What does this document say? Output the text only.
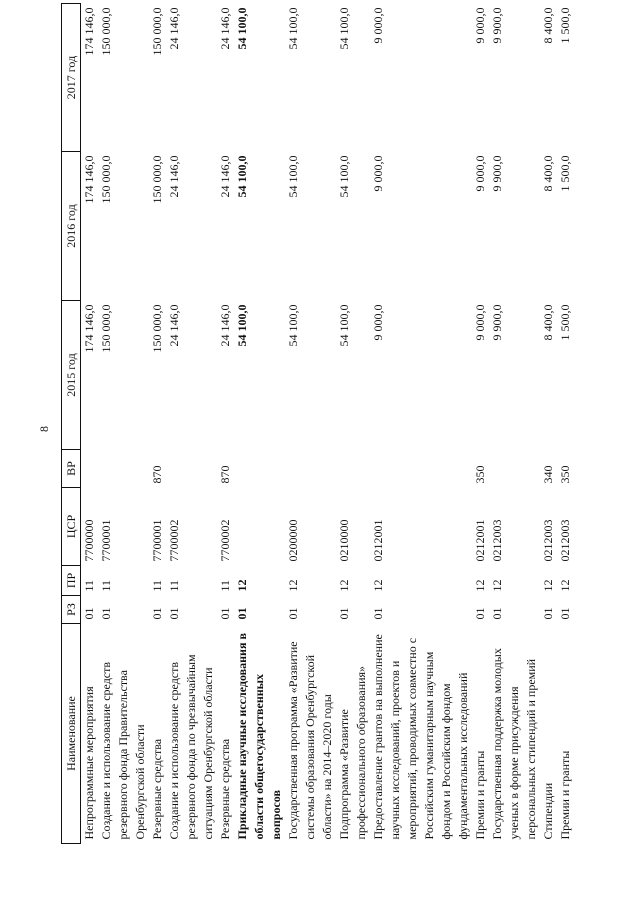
8
Наименование	РЗ	ПР	ЦСР	ВР	2015 год	2016 год	2017 год
Непрограммные мероприятия	01	11	7700000		174 146,0	174 146,0	174 146,0
Создание и использование средств резервного фонда Правительства Оренбургской области	01	11	7700001		150 000,0	150 000,0	150 000,0
Резервные средства	01	11	7700001	870	150 000,0	150 000,0	150 000,0
Создание и использование средств резервного фонда по чрезвычайным ситуациям Оренбургской области	01	11	7700002		24 146,0	24 146,0	24 146,0
Резервные средства	01	11	7700002	870	24 146,0	24 146,0	24 146,0
Прикладные научные исследования в области общегосударственных вопросов	01	12			54 100,0	54 100,0	54 100,0
Государственная программа «Развитие системы образования Оренбургской области» на 2014–2020 годы	01	12	0200000		54 100,0	54 100,0	54 100,0
Подпрограмма «Развитие профессионального образования»	01	12	0210000		54 100,0	54 100,0	54 100,0
Предоставление грантов на выполнение научных исследований, проектов и мероприятий, проводимых совместно с Российским гуманитарным научным фондом и Российским фондом фундаментальных исследований	01	12	0212001		9 000,0	9 000,0	9 000,0
Премии и гранты	01	12	0212001	350	9 000,0	9 000,0	9 000,0
Государственная поддержка молодых ученых в форме присуждения персональных стипендий и премий	01	12	0212003		9 900,0	9 900,0	9 900,0
Стипендии	01	12	0212003	340	8 400,0	8 400,0	8 400,0
Премии и гранты	01	12	0212003	350	1 500,0	1 500,0	1 500,0
